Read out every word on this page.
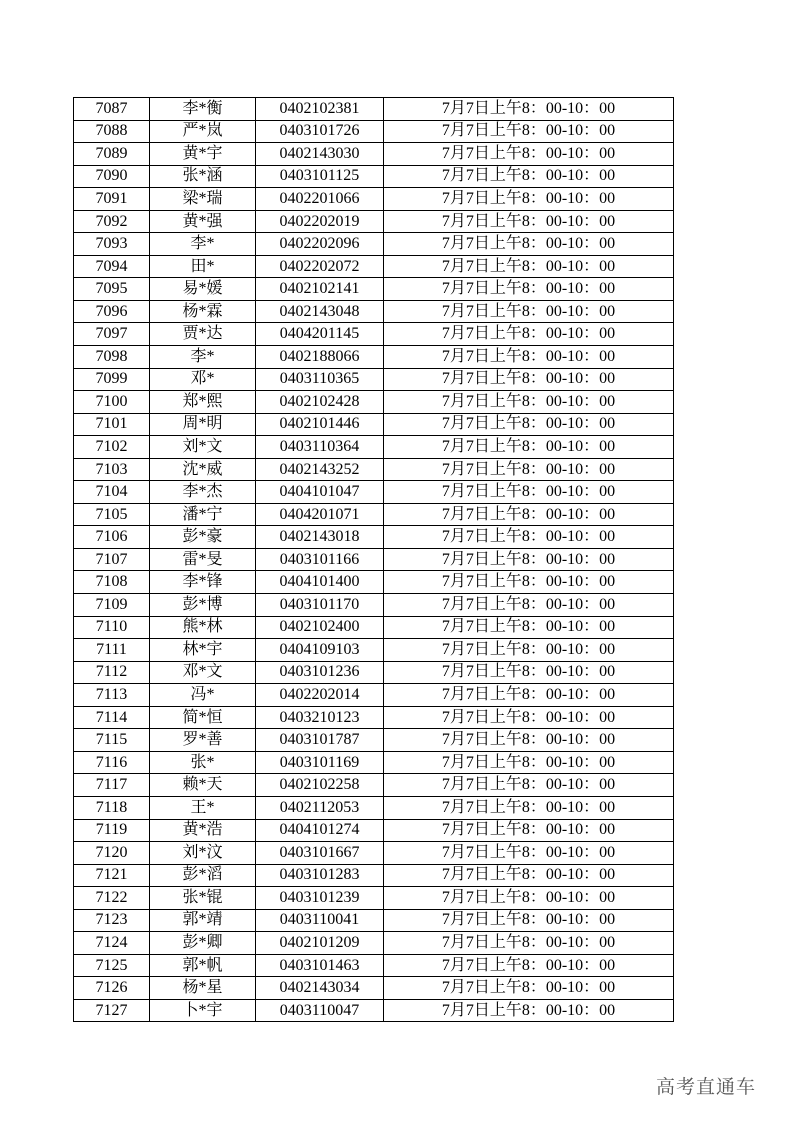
7087	李*衡	0402102381	7月7日上午8：00-10：00
7088	严*岚	0403101726	7月7日上午8：00-10：00
7089	黄*宇	0402143030	7月7日上午8：00-10：00
7090	张*涵	0403101125	7月7日上午8：00-10：00
7091	梁*瑞	0402201066	7月7日上午8：00-10：00
7092	黄*强	0402202019	7月7日上午8：00-10：00
7093	李*	0402202096	7月7日上午8：00-10：00
7094	田*	0402202072	7月7日上午8：00-10：00
7095	易*媛	0402102141	7月7日上午8：00-10：00
7096	杨*霖	0402143048	7月7日上午8：00-10：00
7097	贾*达	0404201145	7月7日上午8：00-10：00
7098	李*	0402188066	7月7日上午8：00-10：00
7099	邓*	0403110365	7月7日上午8：00-10：00
7100	郑*熙	0402102428	7月7日上午8：00-10：00
7101	周*明	0402101446	7月7日上午8：00-10：00
7102	刘*文	0403110364	7月7日上午8：00-10：00
7103	沈*威	0402143252	7月7日上午8：00-10：00
7104	李*杰	0404101047	7月7日上午8：00-10：00
7105	潘*宁	0404201071	7月7日上午8：00-10：00
7106	彭*豪	0402143018	7月7日上午8：00-10：00
7107	雷*旻	0403101166	7月7日上午8：00-10：00
7108	李*锋	0404101400	7月7日上午8：00-10：00
7109	彭*博	0403101170	7月7日上午8：00-10：00
7110	熊*林	0402102400	7月7日上午8：00-10：00
7111	林*宇	0404109103	7月7日上午8：00-10：00
7112	邓*文	0403101236	7月7日上午8：00-10：00
7113	冯*	0402202014	7月7日上午8：00-10：00
7114	简*恒	0403210123	7月7日上午8：00-10：00
7115	罗*善	0403101787	7月7日上午8：00-10：00
7116	张*	0403101169	7月7日上午8：00-10：00
7117	赖*天	0402102258	7月7日上午8：00-10：00
7118	王*	0402112053	7月7日上午8：00-10：00
7119	黄*浩	0404101274	7月7日上午8：00-10：00
7120	刘*汶	0403101667	7月7日上午8：00-10：00
7121	彭*滔	0403101283	7月7日上午8：00-10：00
7122	张*锟	0403101239	7月7日上午8：00-10：00
7123	郭*靖	0403110041	7月7日上午8：00-10：00
7124	彭*卿	0402101209	7月7日上午8：00-10：00
7125	郭*帆	0403101463	7月7日上午8：00-10：00
7126	杨*星	0402143034	7月7日上午8：00-10：00
7127	卜*宇	0403110047	7月7日上午8：00-10：00
高考直通车
